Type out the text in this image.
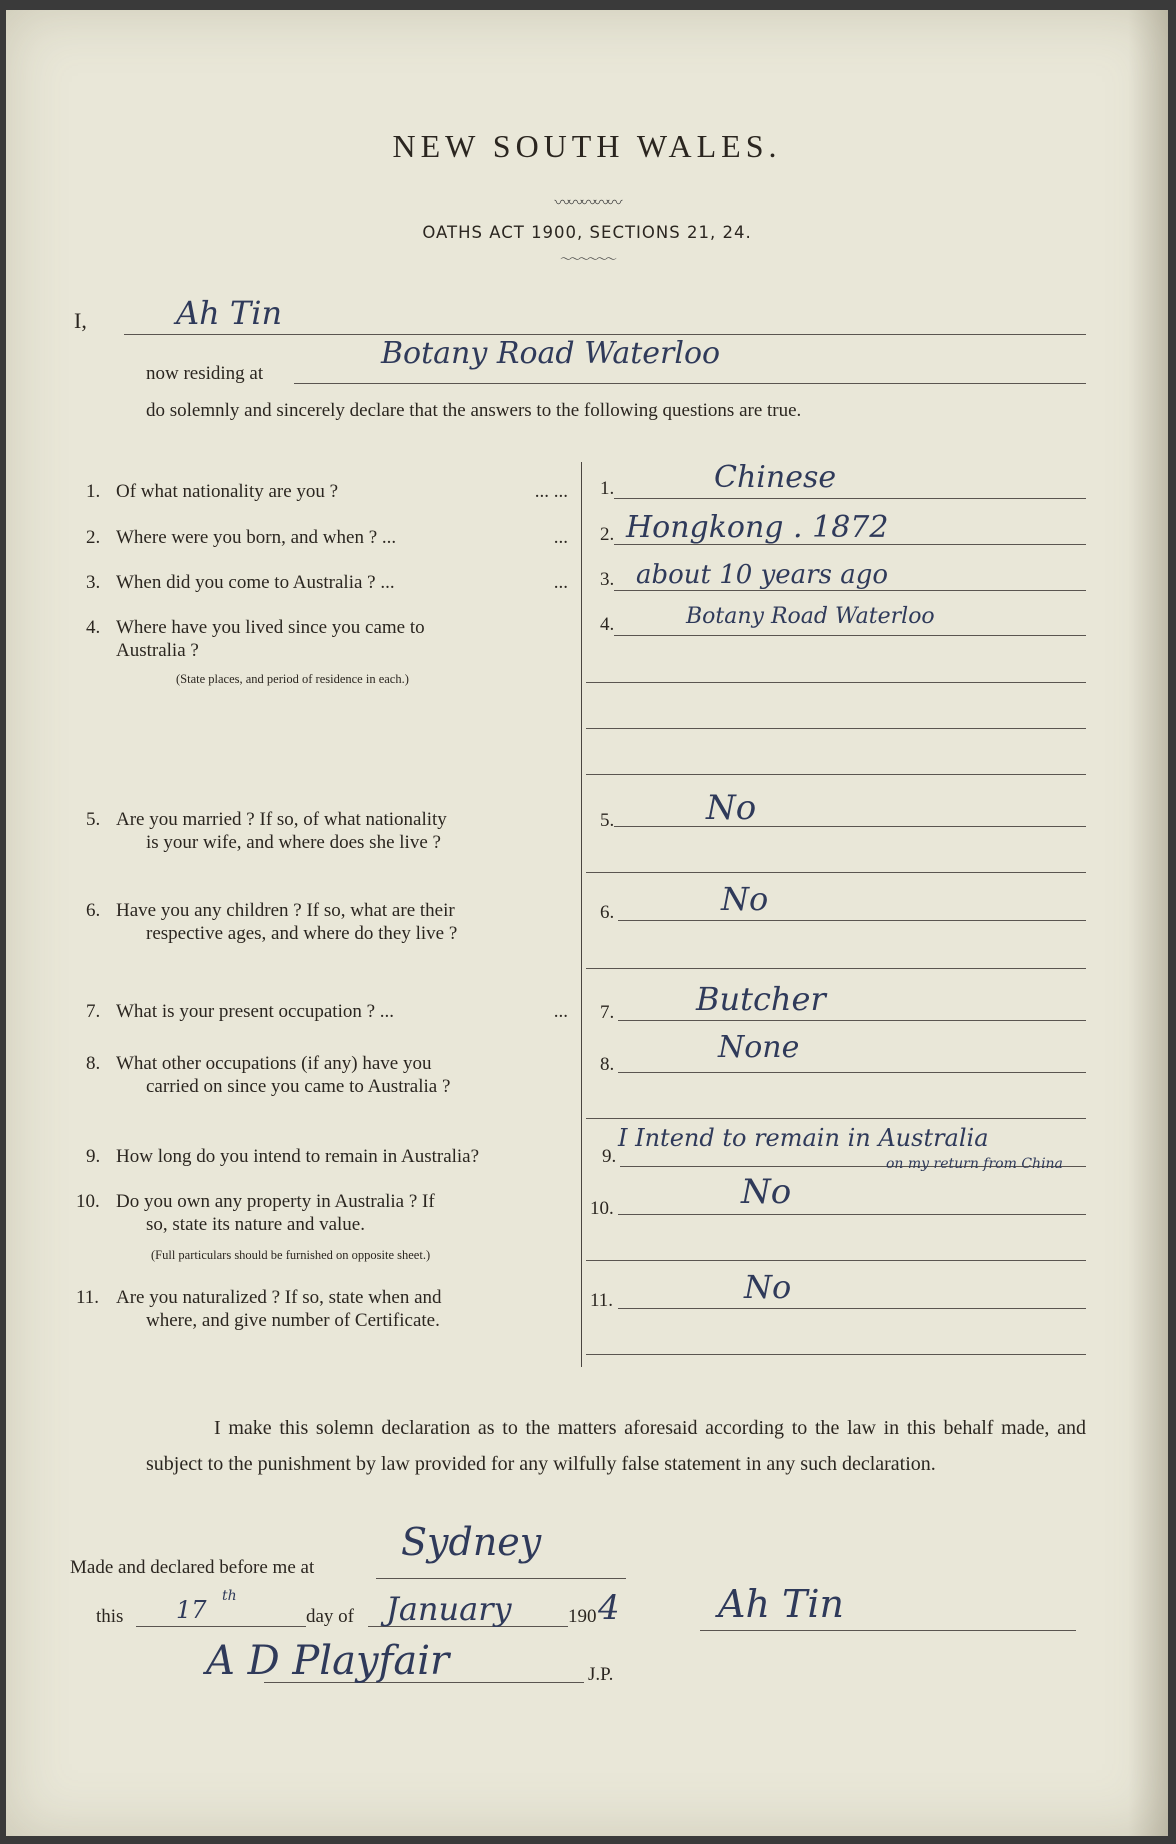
NEW SOUTH WALES.
〰〰〰〰〰
OATHS ACT 1900, SECTIONS 21, 24.
〜〜〜〜〜〜
I,	Ah Tin
now residing at
Botany Road Waterloo
do solemnly and sincerely declare that the answers to the following questions are true.
1. Of what nationality are you ?	... ...
2. Where were you born, and when ? ...	...
3. When did you come to Australia ? ...	...
4. Where have you lived since you came to
Australia ?
(State places, and period of residence in each.)
5. Are you married ? If so, of what nationality
is your wife, and where does she live ?
6. Have you any children ? If so, what are their
respective ages, and where do they live ?
7. What is your present occupation ? ...	...
8. What other occupations (if any) have you
carried on since you came to Australia ?
9. How long do you intend to remain in Australia?
10. Do you own any property in Australia ? If
so, state its nature and value.
(Full particulars should be furnished on opposite sheet.)
11. Are you naturalized ? If so, state when and
where, and give number of Certificate.
1.	Chinese
2. Hongkong . 1872
3. about 10 years ago
4.	Botany Road Waterloo
5.	No
6.	No
7.	Butcher
8.	None
9.
I Intend to remain in Australia
on my return from China
10.	No
11.	No
I make this solemn declaration as to the matters aforesaid according to the law in this behalf made, and subject to the punishment by law provided for any wilfully false statement in any such declaration.
Made and declared before me at
Sydney
this 17 th
day of January	190 4	Ah Tin
A D Playfair	J.P.
